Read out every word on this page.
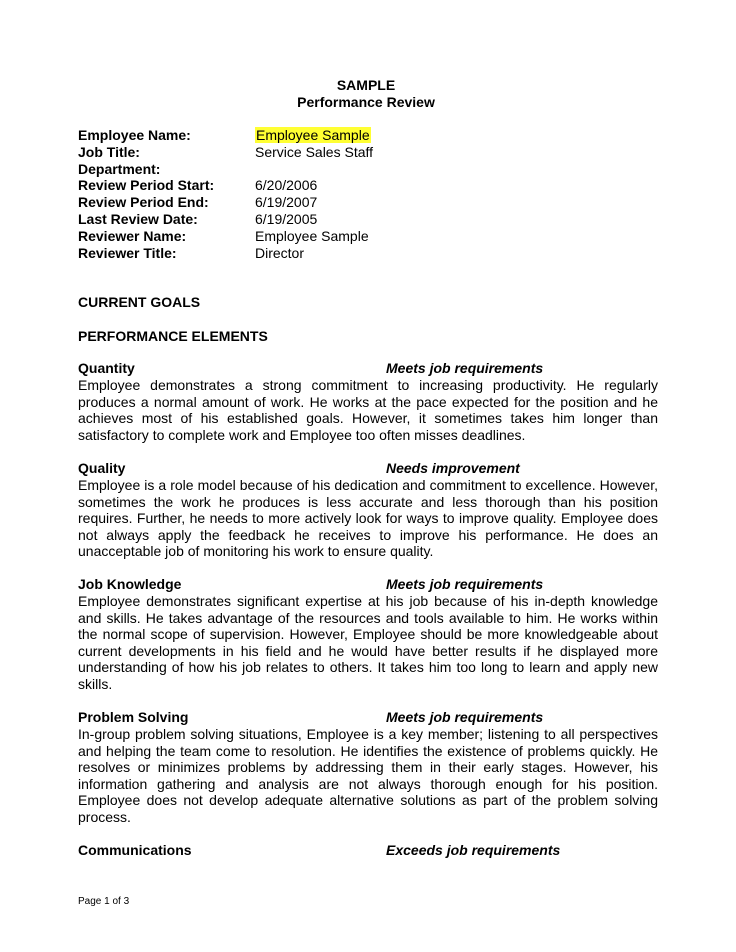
SAMPLE
Performance Review
Employee Name:	Employee Sample
Job Title:	Service Sales Staff
Department:
Review Period Start:	6/20/2006
Review Period End:	6/19/2007
Last Review Date:	6/19/2005
Reviewer Name:	Employee Sample
Reviewer Title:	Director
CURRENT GOALS
PERFORMANCE ELEMENTS
Quantity	Meets job requirements

Employee demonstrates a strong commitment to increasing productivity. He regularly produces a normal amount of work. He works at the pace expected for the position and he achieves most of his established goals. However, it sometimes takes him longer than satisfactory to complete work and Employee too often misses deadlines.

Quality	Needs improvement

Employee is a role model because of his dedication and commitment to excellence. However, sometimes the work he produces is less accurate and less thorough than his position requires. Further, he needs to more actively look for ways to improve quality. Employee does not always apply the feedback he receives to improve his performance. He does an unacceptable job of monitoring his work to ensure quality.

Job Knowledge	Meets job requirements

Employee demonstrates significant expertise at his job because of his in-depth knowledge and skills. He takes advantage of the resources and tools available to him. He works within the normal scope of supervision. However, Employee should be more knowledgeable about current developments in his field and he would have better results if he displayed more understanding of how his job relates to others. It takes him too long to learn and apply new skills.

Problem Solving	Meets job requirements

In-group problem solving situations, Employee is a key member; listening to all perspectives and helping the team come to resolution. He identifies the existence of problems quickly. He resolves or minimizes problems by addressing them in their early stages. However, his information gathering and analysis are not always thorough enough for his position. Employee does not develop adequate alternative solutions as part of the problem solving process.

Communications	Exceeds job requirements

Page 1 of 3
